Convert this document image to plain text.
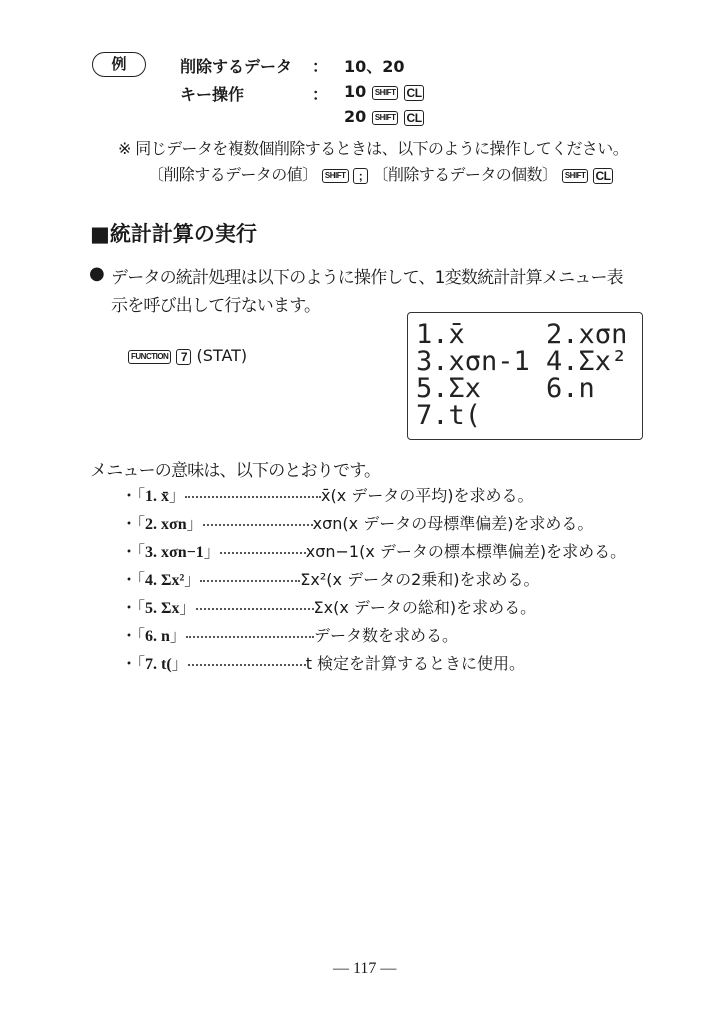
例	削除するデータ ： 10、20
キー操作	： 10 SHIFT CL
20 SHIFT CL
※ 同じデータを複数個削除するときは、以下のように操作してください。
〔削除するデータの値〕 SHIFT ; 〔削除するデータの個数〕 SHIFT CL
■統計計算の実行
● データの統計処理は以下のように操作して、1変数統計計算メニュー表
示を呼び出して行ないます。
FUNCTION 7 (STAT)
1.x̄     2.xσn
3.xσn-1 4.Σx²
5.Σx    6.n
7.t(
メニューの意味は、以下のとおりです。
・「1. x̄」	x̄(x データの平均)を求める。
・「2. xσn」	xσn(x データの母標準偏差)を求める。
・「3. xσn−1」	xσn−1(x データの標本標準偏差)を求める。
・「4. Σx²」	Σx²(x データの2乗和)を求める。
・「5. Σx」	Σx(x データの総和)を求める。
・「6. n」	データ数を求める。
・「7. t(」	t 検定を計算するときに使用。
— 117 —
